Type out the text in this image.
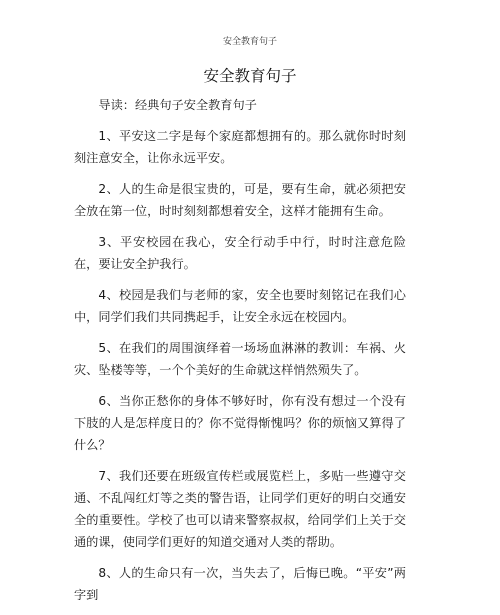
安全教育句子
安全教育句子

导读：经典句子安全教育句子

1、平安这二字是每个家庭都想拥有的。那么就你时时刻刻注意安全，让你永远平安。

2、人的生命是很宝贵的，可是，要有生命，就必须把安全放在第一位，时时刻刻都想着安全，这样才能拥有生命。

3、平安校园在我心，安全行动手中行，时时注意危险在，要让安全护我行。

4、校园是我们与老师的家，安全也要时刻铭记在我们心中，同学们我们共同携起手，让安全永远在校园内。

5、在我们的周围演绎着一场场血淋淋的教训：车祸、火灾、坠楼等等，一个个美好的生命就这样悄然殒失了。

6、当你正愁你的身体不够好时，你有没有想过一个没有下肢的人是怎样度日的？你不觉得惭愧吗？你的烦恼又算得了什么？

7、我们还要在班级宣传栏或展览栏上，多贴一些遵守交通、不乱闯红灯等之类的警告语，让同学们更好的明白交通安全的重要性。学校了也可以请来警察叔叔，给同学们上关于交通的课，使同学们更好的知道交通对人类的帮助。

8、人的生命只有一次，当失去了，后悔已晚。“平安”两字到
